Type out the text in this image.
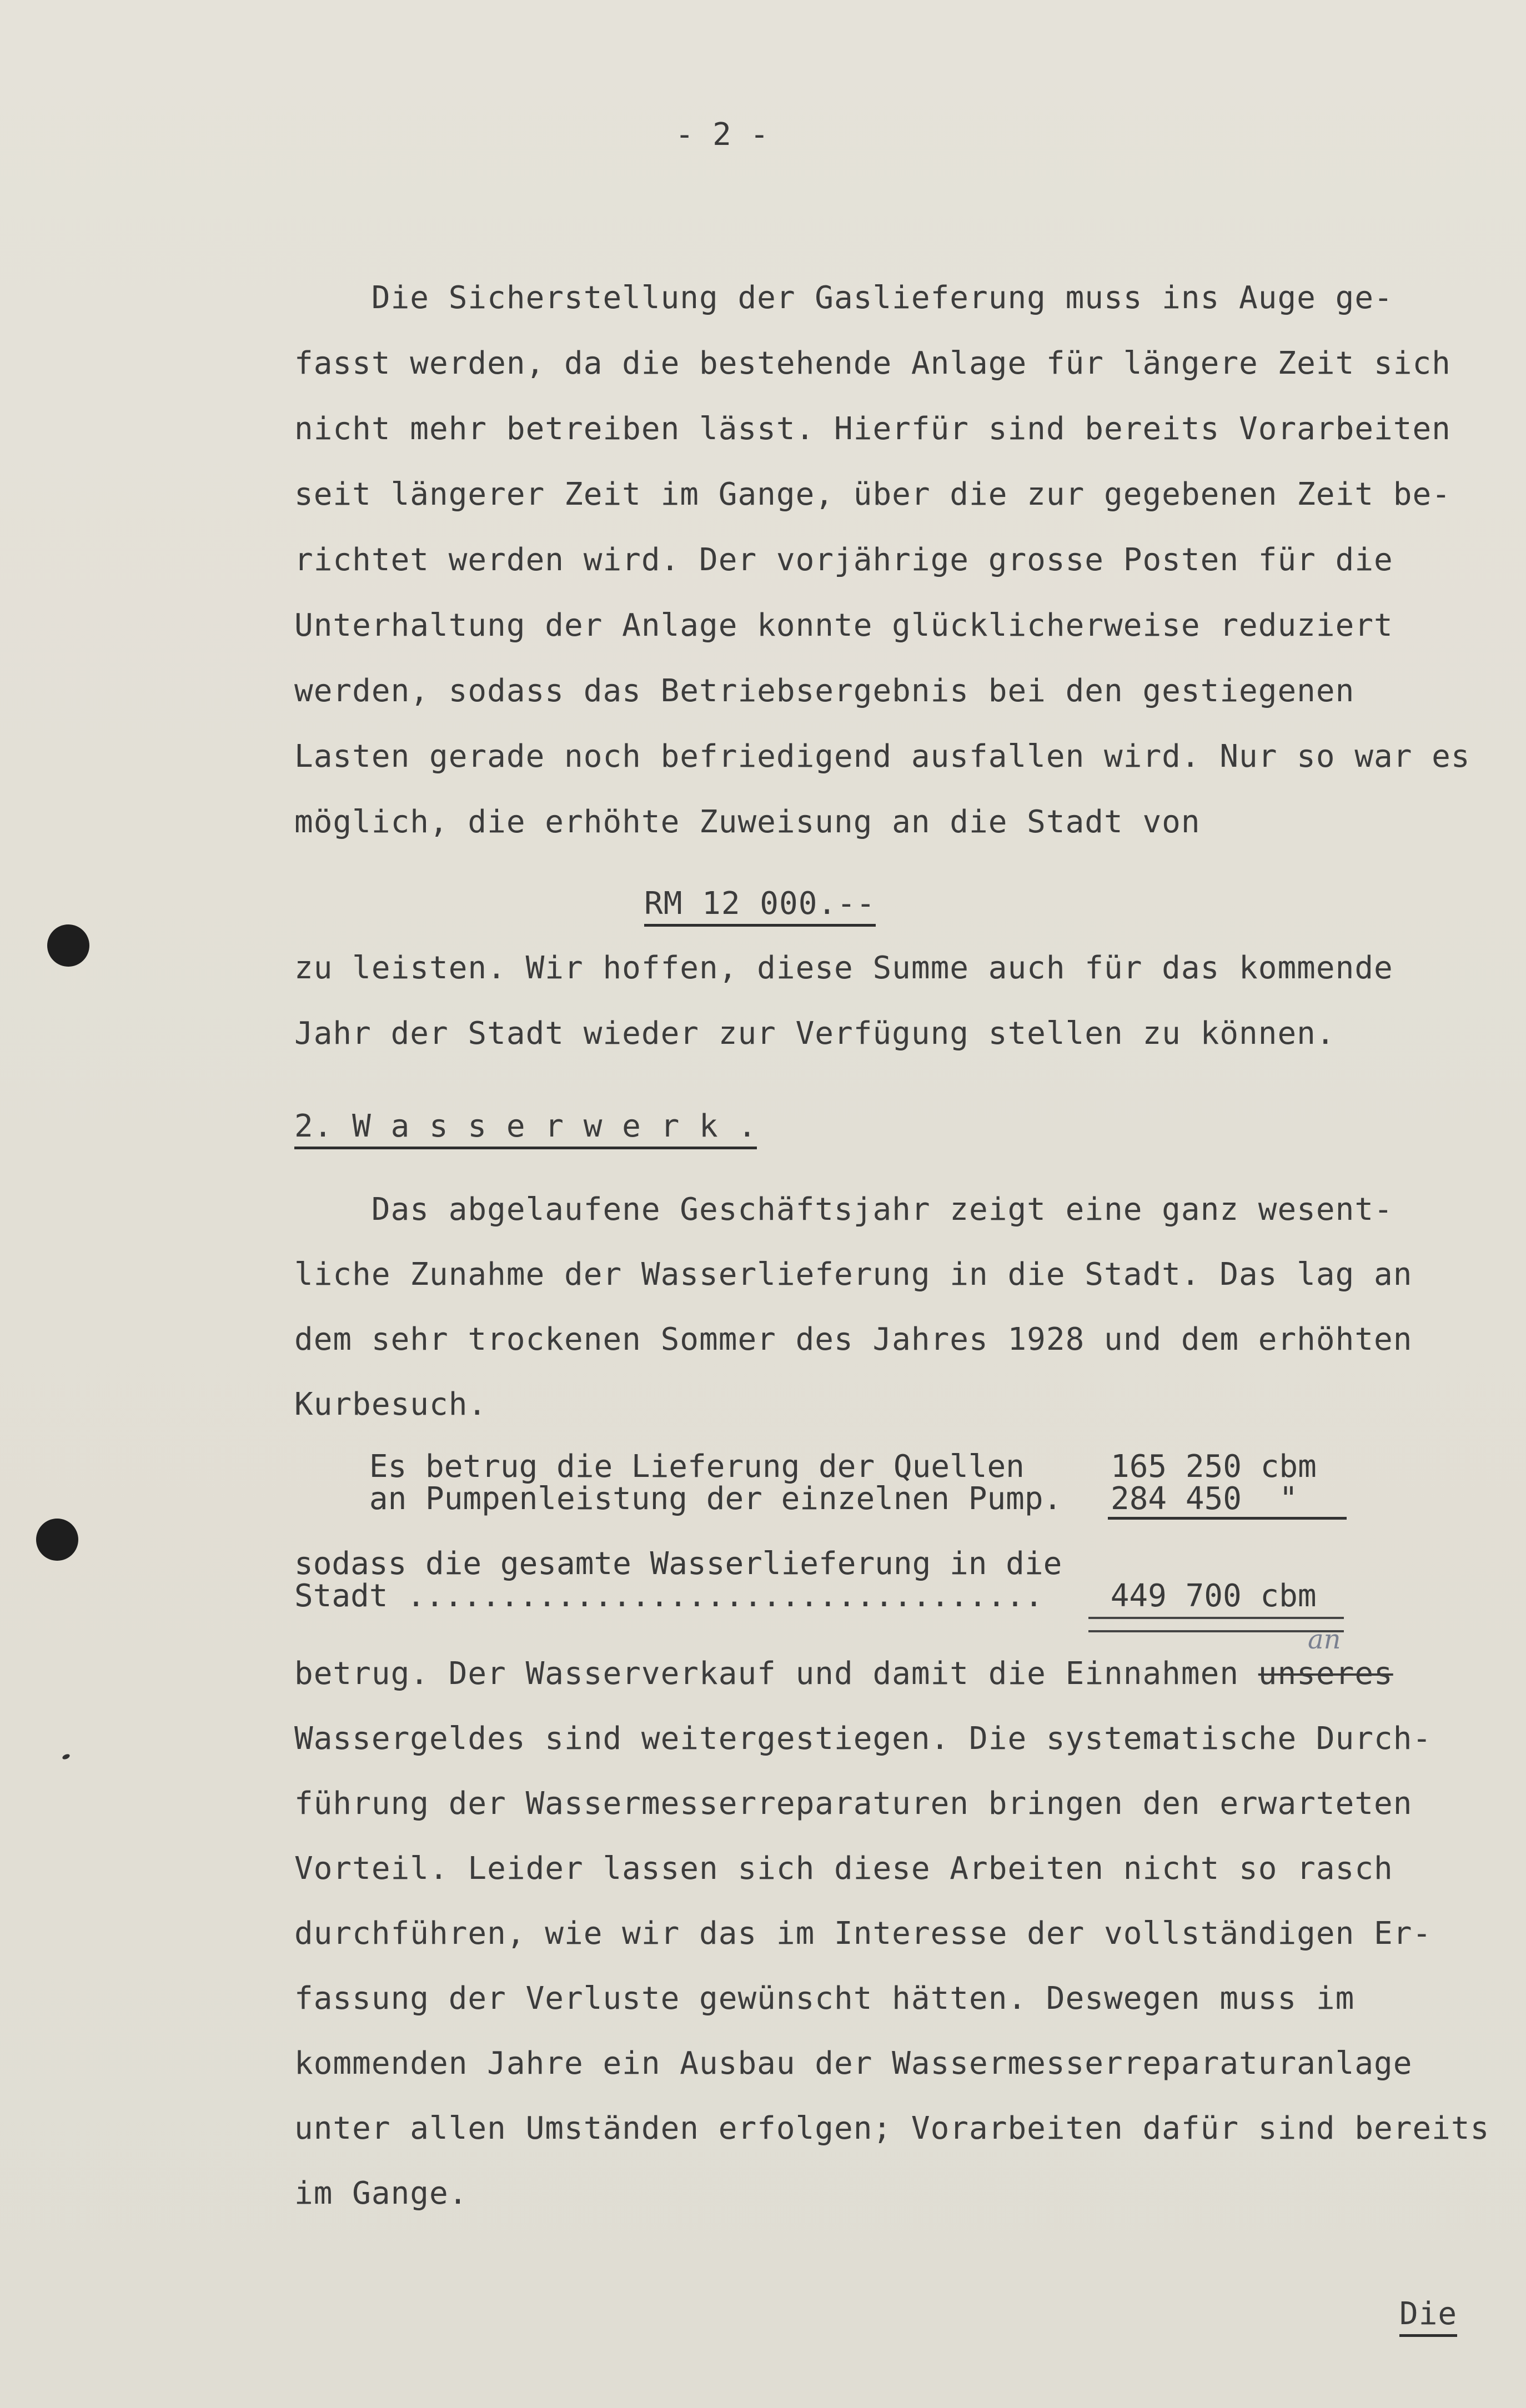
- 2 -
Die Sicherstellung der Gaslieferung muss ins Auge ge-
fasst werden, da die bestehende Anlage für längere Zeit sich
nicht mehr betreiben lässt. Hierfür sind bereits Vorarbeiten
seit längerer Zeit im Gange, über die zur gegebenen Zeit be-
richtet werden wird. Der vorjährige grosse Posten für die
Unterhaltung der Anlage konnte glücklicherweise reduziert
werden, sodass das Betriebsergebnis bei den gestiegenen
Lasten gerade noch befriedigend ausfallen wird. Nur so war es
möglich, die erhöhte Zuweisung an die Stadt von
RM 12 000.--
zu leisten. Wir hoffen, diese Summe auch für das kommende
Jahr der Stadt wieder zur Verfügung stellen zu können.
2. W a s s e r w e r k .
Das abgelaufene Geschäftsjahr zeigt eine ganz wesent-
liche Zunahme der Wasserlieferung in die Stadt. Das lag an
dem sehr trockenen Sommer des Jahres 1928 und dem erhöhten
Kurbesuch.
Es betrug die Lieferung der Quellen 165 250 cbm
an Pumpenleistung der einzelnen Pump. 284 450  "
sodass die gesamte Wasserlieferung in die
Stadt .................................. 449 700 cbm
betrug. Der Wasserverkauf und damit die Einnahmen unseres
an
Wassergeldes sind weitergestiegen. Die systematische Durch-
führung der Wassermesserreparaturen bringen den erwarteten
Vorteil. Leider lassen sich diese Arbeiten nicht so rasch
durchführen, wie wir das im Interesse der vollständigen Er-
fassung der Verluste gewünscht hätten. Deswegen muss im
kommenden Jahre ein Ausbau der Wassermesserreparaturanlage
unter allen Umständen erfolgen; Vorarbeiten dafür sind bereits
im Gange.
Die
